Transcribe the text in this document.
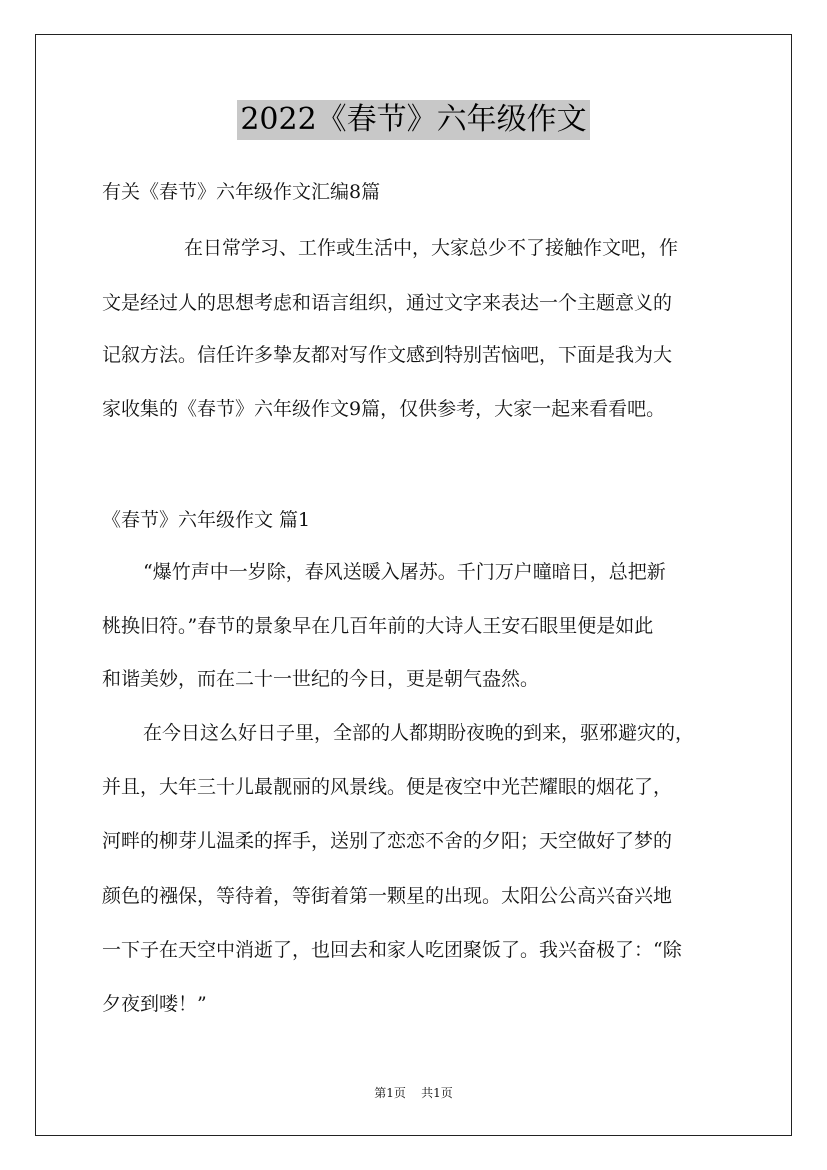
2022《春节》六年级作文
有关《春节》六年级作文汇编8篇
在日常学习、工作或生活中，大家总少不了接触作文吧，作
文是经过人的思想考虑和语言组织，通过文字来表达一个主题意义的
记叙方法。信任许多挚友都对写作文感到特别苦恼吧，下面是我为大
家收集的《春节》六年级作文9篇，仅供参考，大家一起来看看吧。
《春节》六年级作文 篇1
“爆竹声中一岁除，春风送暖入屠苏。千门万户曈暗日，总把新
桃换旧符。”春节的景象早在几百年前的大诗人王安石眼里便是如此
和谐美妙，而在二十一世纪的今日，更是朝气盎然。
在今日这么好日子里，全部的人都期盼夜晚的到来，驱邪避灾的，
并且，大年三十儿最靓丽的风景线。便是夜空中光芒耀眼的烟花了，
河畔的柳芽儿温柔的挥手，送别了恋恋不舍的夕阳；天空做好了梦的
颜色的襁保，等待着，等街着第一颗星的出现。太阳公公高兴奋兴地
一下子在天空中消逝了，也回去和家人吃团聚饭了。我兴奋极了：“除
夕夜到喽！”
第1页 共1页
